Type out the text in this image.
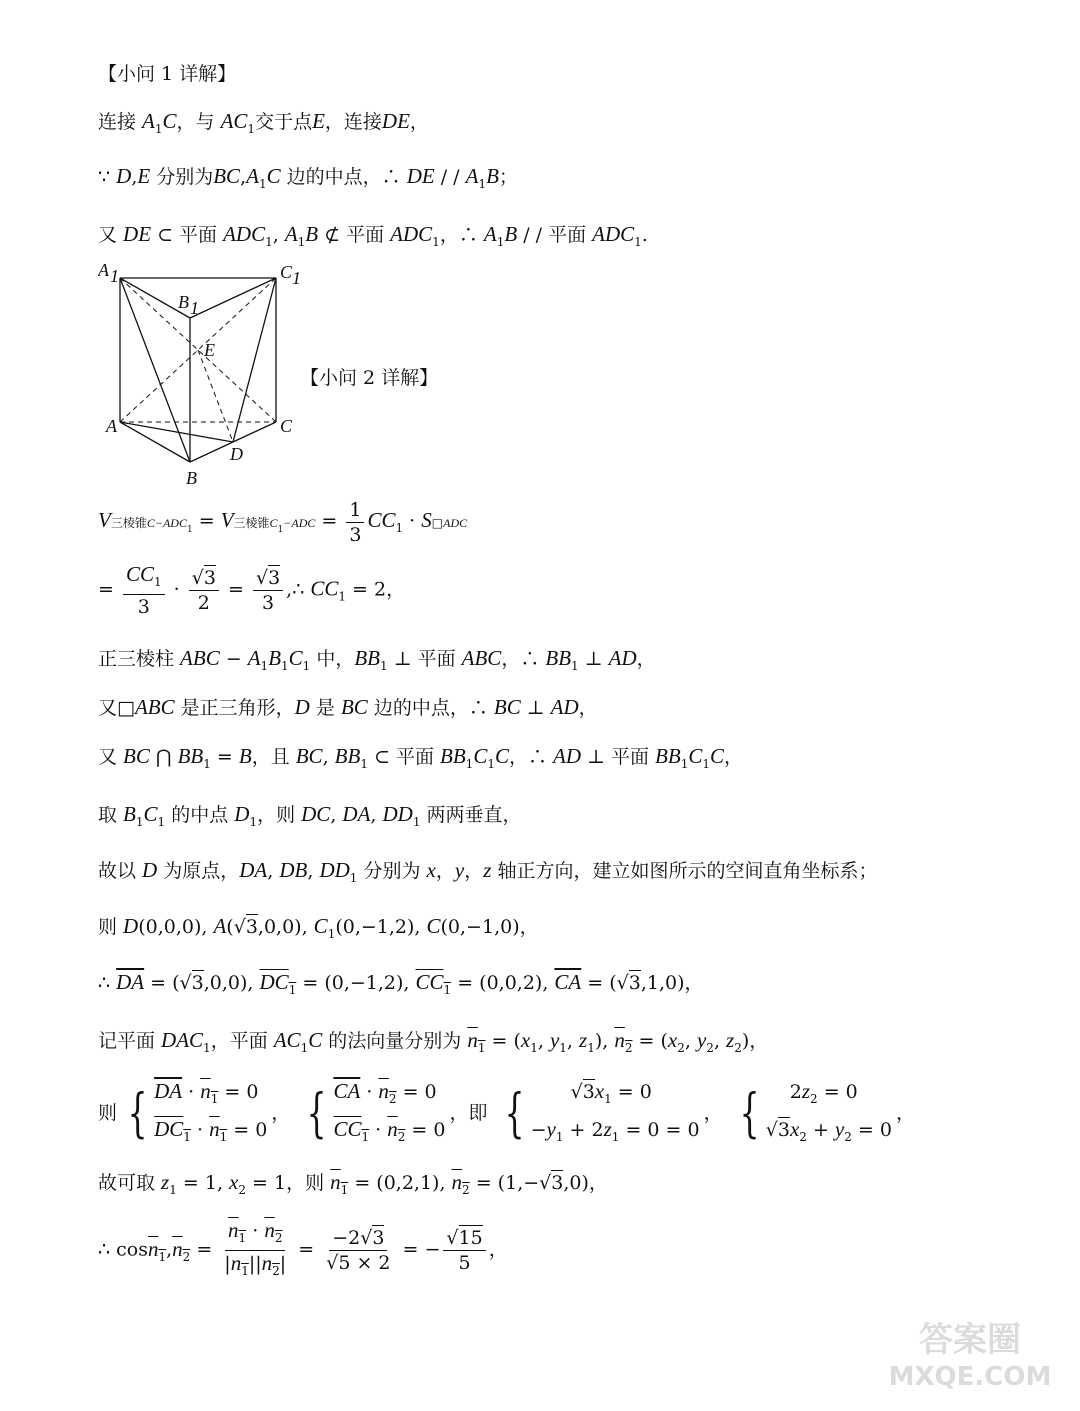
【小问 1 详解】
连接 $A_1C$，与 $AC_1$交于点E，连接DE，
∵ D,E 分别为$BC,A_1C$ 边的中点，∴ DE / / $A_1B$；
又 DE ⊂ 平面 $ADC_1$, $A_1B$ ⊄ 平面 $ADC_1$，∴ $A_1B$ / / 平面 $ADC_1$.
A 1	C 1
B 1
E
A	C
D
B
【小问 2 详解】
V三棱锥$C-ADC_1 = V$三棱锥$C_1-ADC = \frac{1}{3} CC_1$ · S□ADC
= $\frac{CC_1}{3} \cdot \frac{√3}{2} = \frac{√3}{3}$ ,∴ $CC_1 = 2$，
正三棱柱 ABC − $A_1B_1C_1$ 中，$BB_1$ ⊥ 平面 ABC，∴ $BB_1$ ⊥ AD，
又□ABC 是正三角形，D 是 BC 边的中点，∴ BC ⊥ AD，
又 BC ⋂ $BB_1 = B$，且 BC, $BB_1$ ⊂ 平面 $BB_1C_1C$，∴ AD ⊥ 平面 $BB_1C_1C$，
取 $B_1C_1$ 的中点 $D_1$，则 DC, DA, $DD_1$ 两两垂直，
故以 D 为原点，DA, DB, $DD_1$ 分别为 x，y，z 轴正方向，建立如图所示的空间直角坐标系；
则 D(0,0,0), A(√3,0,0), $C_1(0,-1,2)$, C(0,−1,0)，
∴ $\overline{DA} = (√3,0,0)$, $DC_1 = (0,-1,2)$, $CC_1 = (0,0,2)$, $\overline{CA} = (√3,1,0)$，
记平面 $DAC_1$，平面 $AC_1C$ 的法向量分别为 $n_1 = (x_1$, $y_1$, $z_1$), $n_2 = (x_2$, $y_2$, $z_2$)，
则 { $\overline{DA} \cdot n_1 = 0$
$DC_1 \cdot n_1 = 0$
， { $\overline{CA} \cdot n_2 = 0$
$CC_1 \cdot n_2 = 0$
，即 {	$√3x_1 = 0$
$-y_1 + 2z_1 = 0 = 0$
， {	$2z_2 = 0$
$√3x_2 + y_2 = 0$
，
故可取 $z_1 = 1$, $x_2 = 1$，则 $n_1 = (0,2,1)$, $n_2 = (1,-√3,0)$，
∴ $\cos n_1,n_2 = \frac{n_1 \cdot n_2}{|n_1||n_2|} = \frac{-2√3}{√5 \times 2}$ = − $\frac{√15}{5}$ ，
答案圈
MXQE.COM
